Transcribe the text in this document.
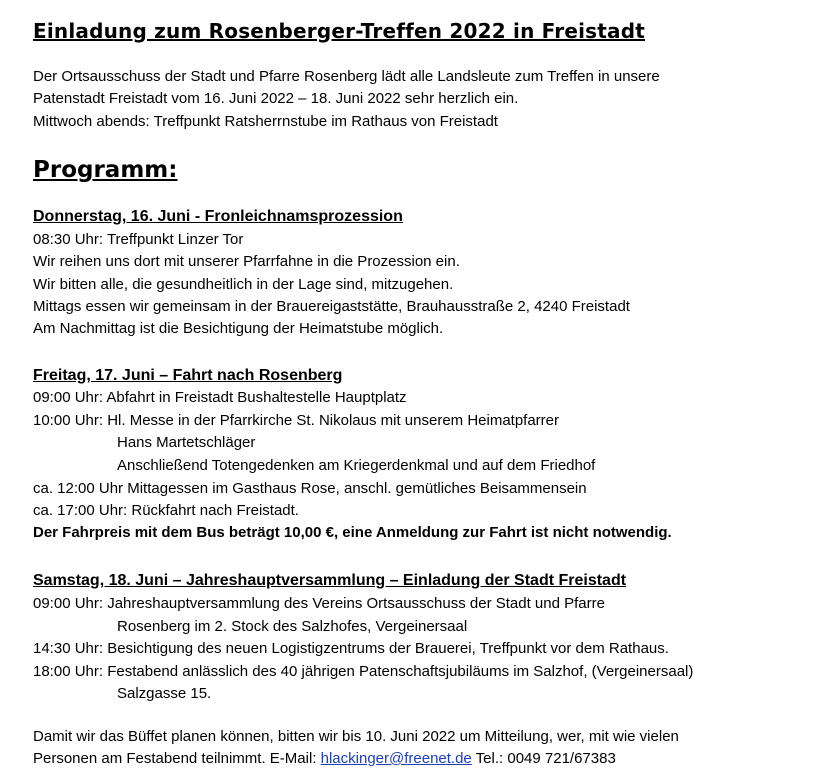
Einladung zum Rosenberger-Treffen 2022 in Freistadt
Der Ortsausschuss der Stadt und Pfarre Rosenberg lädt alle Landsleute zum Treffen in unsere
Patenstadt Freistadt vom 16. Juni 2022 – 18. Juni 2022 sehr herzlich ein.
Mittwoch abends: Treffpunkt Ratsherrnstube im Rathaus von Freistadt
Programm:
Donnerstag, 16. Juni - Fronleichnamsprozession
08:30 Uhr: Treffpunkt Linzer Tor
Wir reihen uns dort mit unserer Pfarrfahne in die Prozession ein.
Wir bitten alle, die gesundheitlich in der Lage sind, mitzugehen.
Mittags essen wir gemeinsam in der Brauereigaststätte, Brauhausstraße 2, 4240 Freistadt
Am Nachmittag ist die Besichtigung der Heimatstube möglich.
Freitag, 17. Juni – Fahrt nach Rosenberg
09:00 Uhr: Abfahrt in Freistadt Bushaltestelle Hauptplatz
10:00 Uhr: Hl. Messe in der Pfarrkirche St. Nikolaus mit unserem Heimatpfarrer
Hans Martetschläger
Anschließend Totengedenken am Kriegerdenkmal und auf dem Friedhof
ca. 12:00 Uhr Mittagessen im Gasthaus Rose, anschl. gemütliches Beisammensein
ca. 17:00 Uhr: Rückfahrt nach Freistadt.
Der Fahrpreis mit dem Bus beträgt 10,00 €, eine Anmeldung zur Fahrt ist nicht notwendig.
Samstag, 18. Juni – Jahreshauptversammlung – Einladung der Stadt Freistadt
09:00 Uhr: Jahreshauptversammlung des Vereins Ortsausschuss der Stadt und Pfarre
Rosenberg im 2. Stock des Salzhofes, Vergeinersaal
14:30 Uhr: Besichtigung des neuen Logistigzentrums der Brauerei, Treffpunkt vor dem Rathaus.
18:00 Uhr: Festabend anlässlich des 40 jährigen Patenschaftsjubiläums im Salzhof, (Vergeinersaal)
Salzgasse 15.
Damit wir das Büffet planen können, bitten wir bis 10. Juni 2022 um Mitteilung, wer, mit wie vielen
Personen am Festabend teilnimmt. E-Mail: hlackinger@freenet.de Tel.: 0049 721/67383
